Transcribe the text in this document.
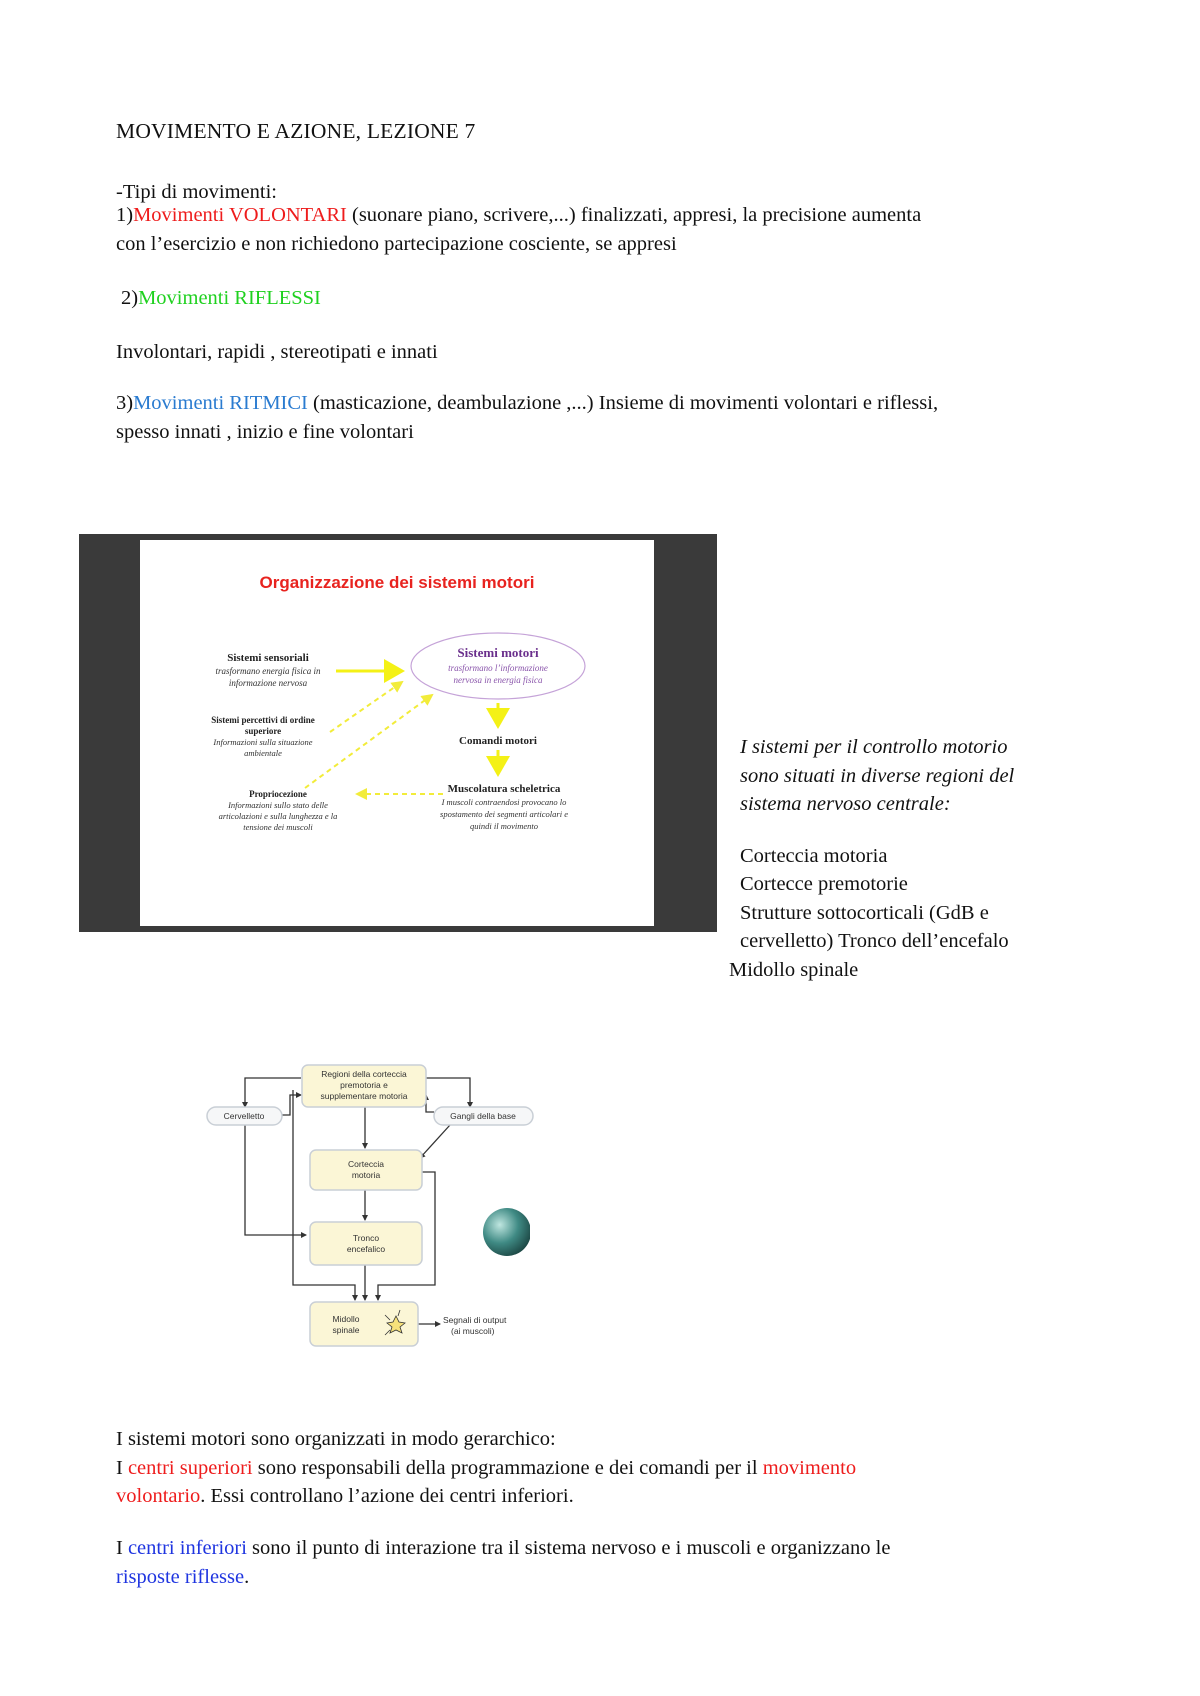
MOVIMENTO E AZIONE, LEZIONE 7

-Tipi di movimenti:

1)Movimenti VOLONTARI (suonare piano, scrivere,...) finalizzati, appresi, la precisione aumenta

con l’esercizio e non richiedono partecipazione cosciente, se appresi

2)Movimenti RIFLESSI

Involontari, rapidi , stereotipati e innati

3)Movimenti RITMICI (masticazione, deambulazione ,...) Insieme di movimenti volontari e riflessi,

spesso innati , inizio e fine volontari

Organizzazione dei sistemi motori
Sistemi motori
trasformano l’informazione
nervosa in energia fisica
Sistemi sensoriali
trasformano energia fisica in
informazione nervosa
Sistemi percettivi di ordine
superiore
Informazioni sulla situazione
ambientale
Comandi motori
Muscolatura scheletrica
I muscoli contraendosi provocano lo
spostamento dei segmenti articolari e
quindi il movimento
Propriocezione
Informazioni sullo stato delle
articolazioni e sulla lunghezza e la
tensione dei muscoli

I sistemi per il controllo motorio

sono situati in diverse regioni del

sistema nervoso centrale:

Corteccia motoria

Cortecce premotorie

Strutture sottocorticali (GdB e

cervelletto) Tronco dell’encefalo

Midollo spinale

Regioni della corteccia
premotoria e
supplementare motoria
Cervelletto	Gangli della base
Corteccia
motoria
Tronco
encefalico
Midollo
spinale
Segnali di output
(ai muscoli)

I sistemi motori sono organizzati in modo gerarchico:

I centri superiori sono responsabili della programmazione e dei comandi per il movimento

volontario. Essi controllano l’azione dei centri inferiori.

I centri inferiori sono il punto di interazione tra il sistema nervoso e i muscoli e organizzano le

risposte riflesse.
